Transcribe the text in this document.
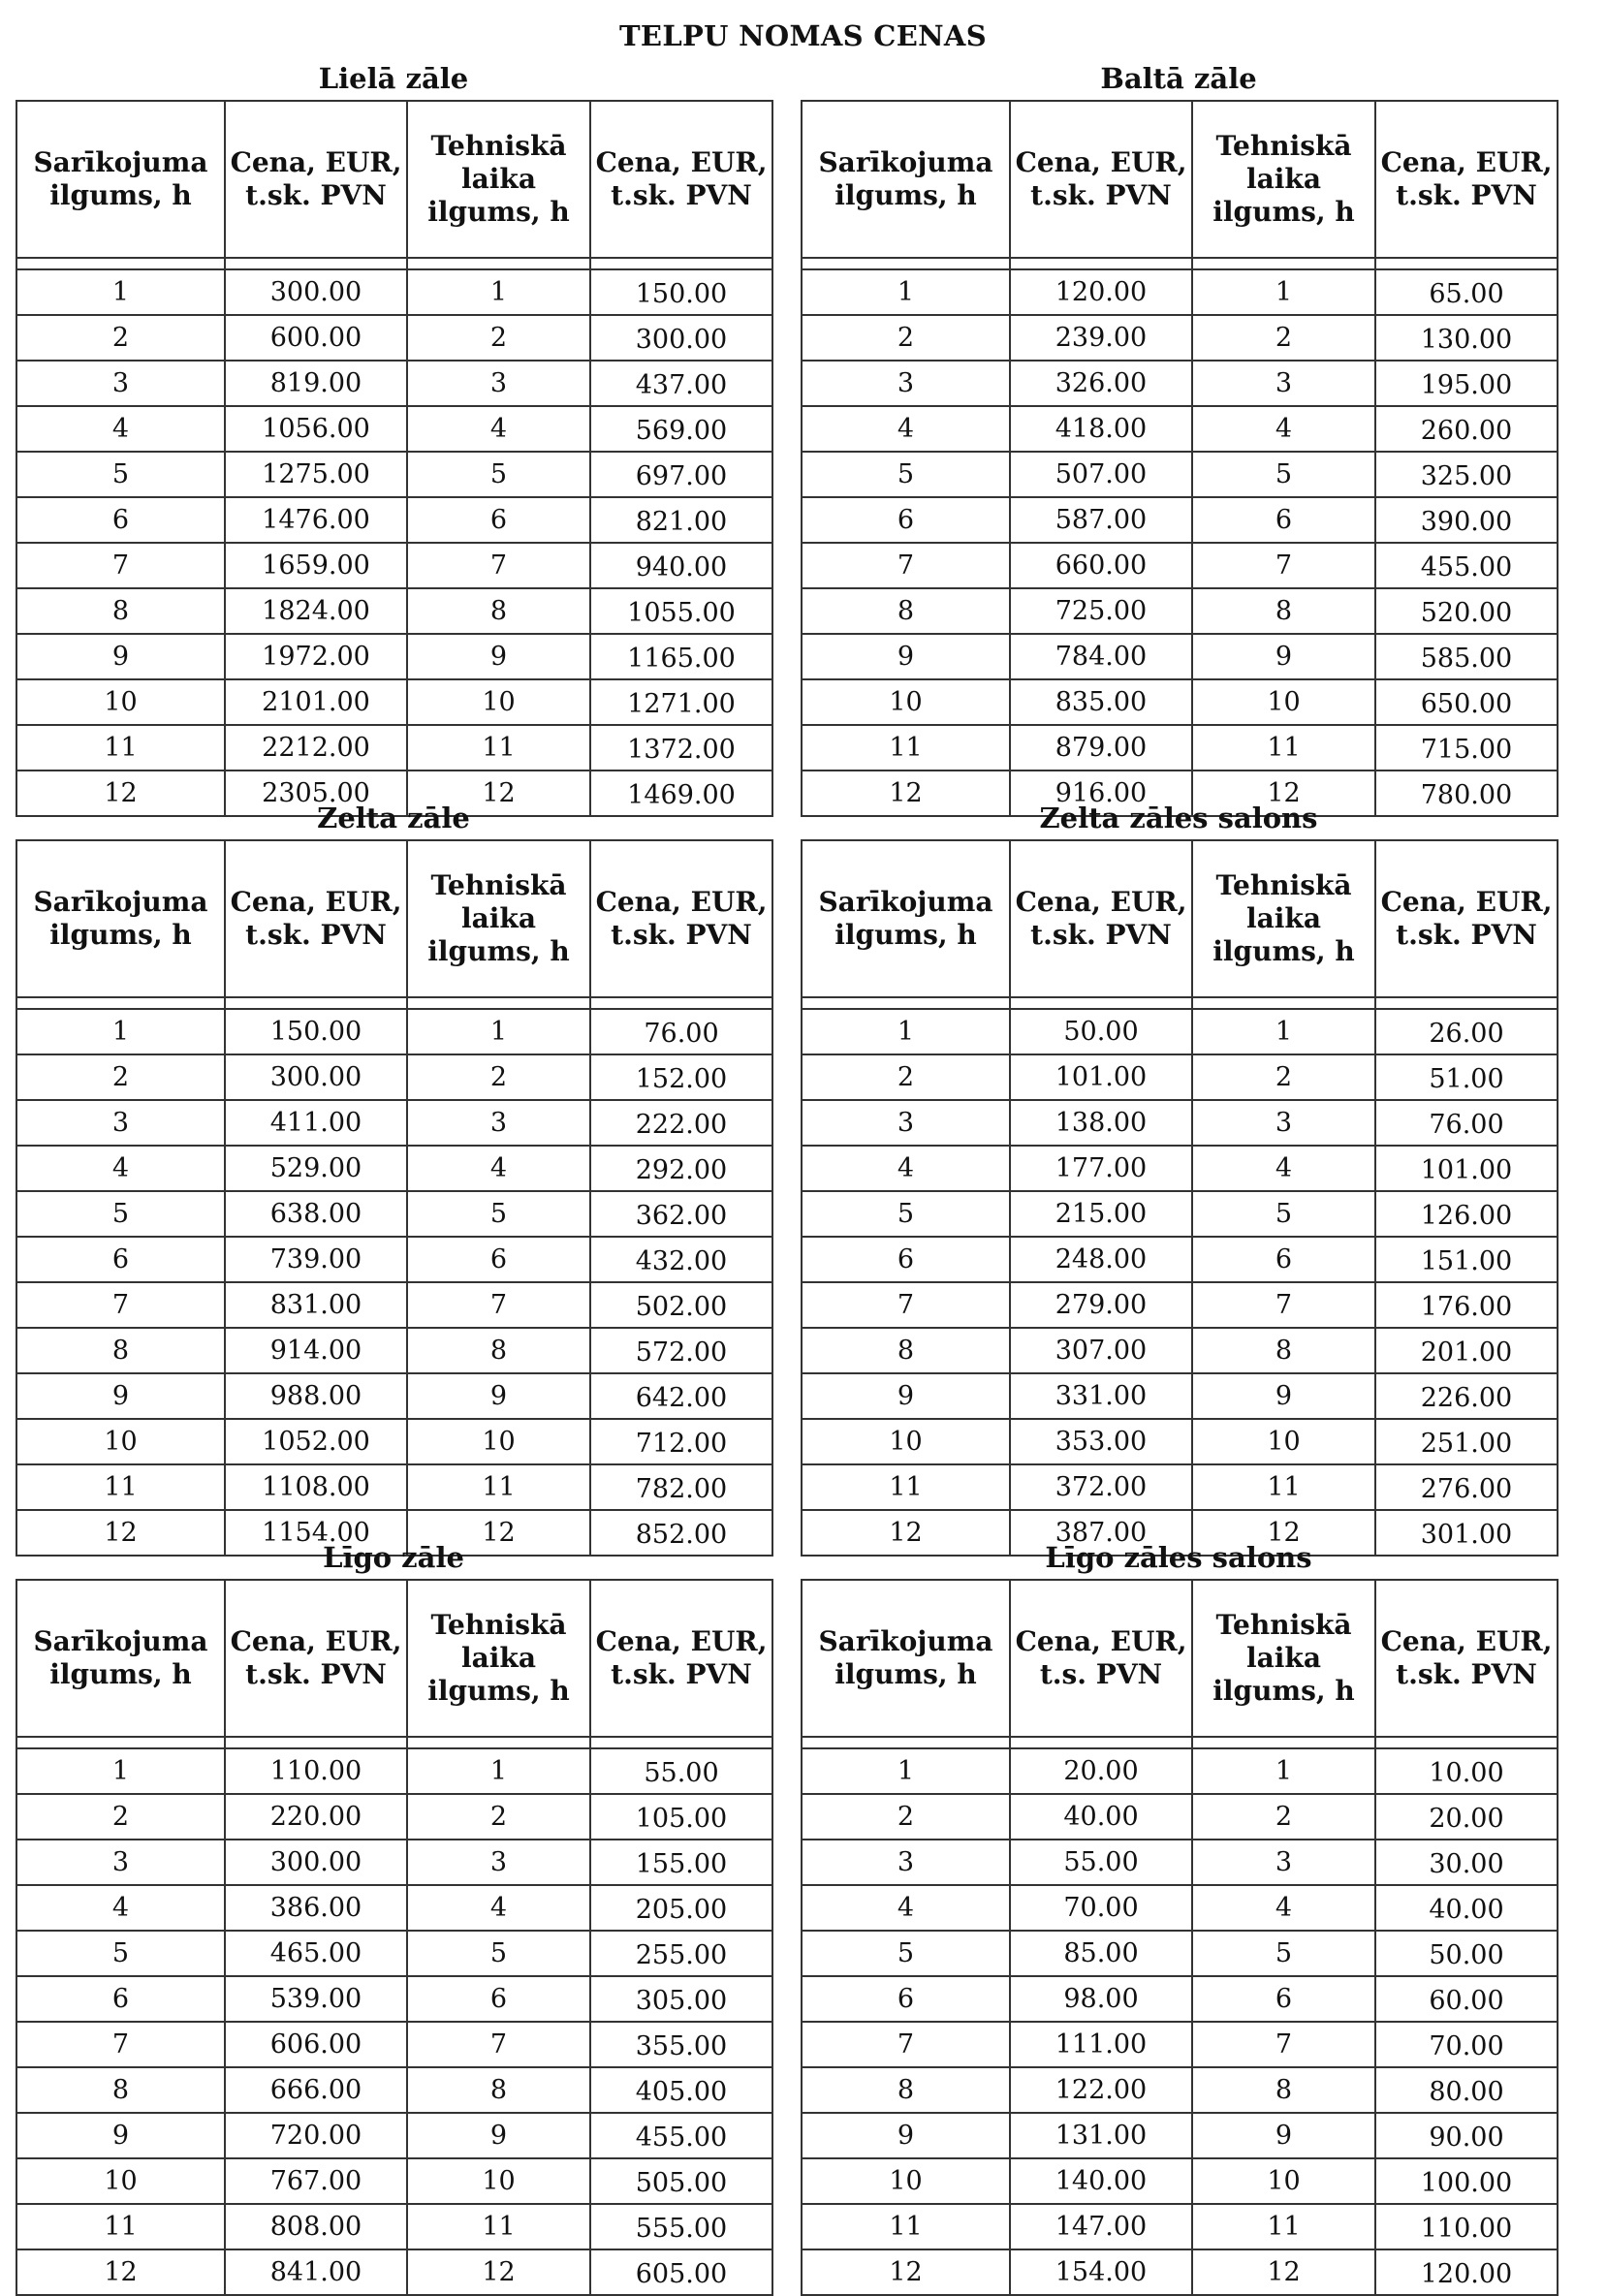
TELPU NOMAS CENAS
Lielā zāle
Sarīkojuma ilgums, h	Cena, EUR, t.sk. PVN	Tehniskā laika ilgums, h	Cena, EUR, t.sk. PVN

1	300.00	1	150.00
2	600.00	2	300.00
3	819.00	3	437.00
4	1056.00	4	569.00
5	1275.00	5	697.00
6	1476.00	6	821.00
7	1659.00	7	940.00
8	1824.00	8	1055.00
9	1972.00	9	1165.00
10	2101.00	10	1271.00
11	2212.00	11	1372.00
12	2305.00	12	1469.00
Baltā zāle
Sarīkojuma ilgums, h	Cena, EUR, t.sk. PVN	Tehniskā laika ilgums, h	Cena, EUR, t.sk. PVN

1	120.00	1	65.00
2	239.00	2	130.00
3	326.00	3	195.00
4	418.00	4	260.00
5	507.00	5	325.00
6	587.00	6	390.00
7	660.00	7	455.00
8	725.00	8	520.00
9	784.00	9	585.00
10	835.00	10	650.00
11	879.00	11	715.00
12	916.00	12	780.00
Zelta zāle
Sarīkojuma ilgums, h	Cena, EUR, t.sk. PVN	Tehniskā laika ilgums, h	Cena, EUR, t.sk. PVN

1	150.00	1	76.00
2	300.00	2	152.00
3	411.00	3	222.00
4	529.00	4	292.00
5	638.00	5	362.00
6	739.00	6	432.00
7	831.00	7	502.00
8	914.00	8	572.00
9	988.00	9	642.00
10	1052.00	10	712.00
11	1108.00	11	782.00
12	1154.00	12	852.00
Zelta zāles salons
Sarīkojuma ilgums, h	Cena, EUR, t.sk. PVN	Tehniskā laika ilgums, h	Cena, EUR, t.sk. PVN

1	50.00	1	26.00
2	101.00	2	51.00
3	138.00	3	76.00
4	177.00	4	101.00
5	215.00	5	126.00
6	248.00	6	151.00
7	279.00	7	176.00
8	307.00	8	201.00
9	331.00	9	226.00
10	353.00	10	251.00
11	372.00	11	276.00
12	387.00	12	301.00
Līgo zāle
Sarīkojuma ilgums, h	Cena, EUR, t.sk. PVN	Tehniskā laika ilgums, h	Cena, EUR, t.sk. PVN

1	110.00	1	55.00
2	220.00	2	105.00
3	300.00	3	155.00
4	386.00	4	205.00
5	465.00	5	255.00
6	539.00	6	305.00
7	606.00	7	355.00
8	666.00	8	405.00
9	720.00	9	455.00
10	767.00	10	505.00
11	808.00	11	555.00
12	841.00	12	605.00
Līgo zāles salons
Sarīkojuma ilgums, h	Cena, EUR, t.s. PVN	Tehniskā laika ilgums, h	Cena, EUR, t.sk. PVN

1	20.00	1	10.00
2	40.00	2	20.00
3	55.00	3	30.00
4	70.00	4	40.00
5	85.00	5	50.00
6	98.00	6	60.00
7	111.00	7	70.00
8	122.00	8	80.00
9	131.00	9	90.00
10	140.00	10	100.00
11	147.00	11	110.00
12	154.00	12	120.00
